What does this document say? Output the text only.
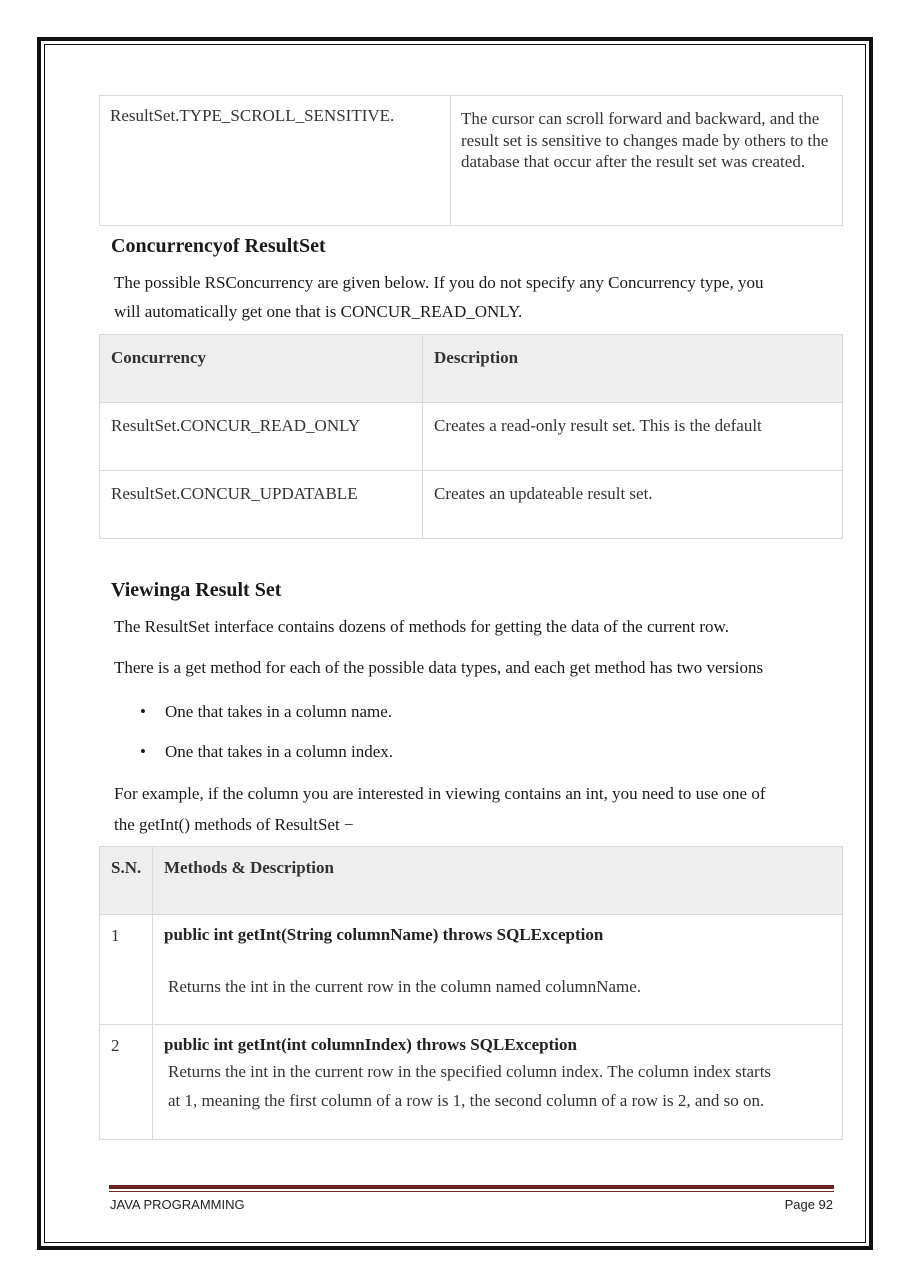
ResultSet.TYPE_SCROLL_SENSITIVE.	The cursor can scroll forward and backward, and the result set is sensitive to changes made by others to the database that occur after the result set was created.
Concurrencyof ResultSet

The possible RSConcurrency are given below. If you do not specify any Concurrency type, you

will automatically get one that is CONCUR_READ_ONLY.

Concurrency	Description
ResultSet.CONCUR_READ_ONLY	Creates a read-only result set. This is the default
ResultSet.CONCUR_UPDATABLE	Creates an updateable result set.
Viewinga Result Set

The ResultSet interface contains dozens of methods for getting the data of the current row.

There is a get method for each of the possible data types, and each get method has two versions

• One that takes in a column name.
• One that takes in a column index.

For example, if the column you are interested in viewing contains an int, you need to use one of

the getInt() methods of ResultSet −

S.N.	Methods & Description
1	public int getInt(String columnName) throws SQLException
Returns the int in the current row in the column named columnName.

2	public int getInt(int columnIndex) throws SQLException
Returns the int in the current row in the specified column index. The column index starts
at 1, meaning the first column of a row is 1, the second column of a row is 2, and so on.
JAVA PROGRAMMING	Page 92
